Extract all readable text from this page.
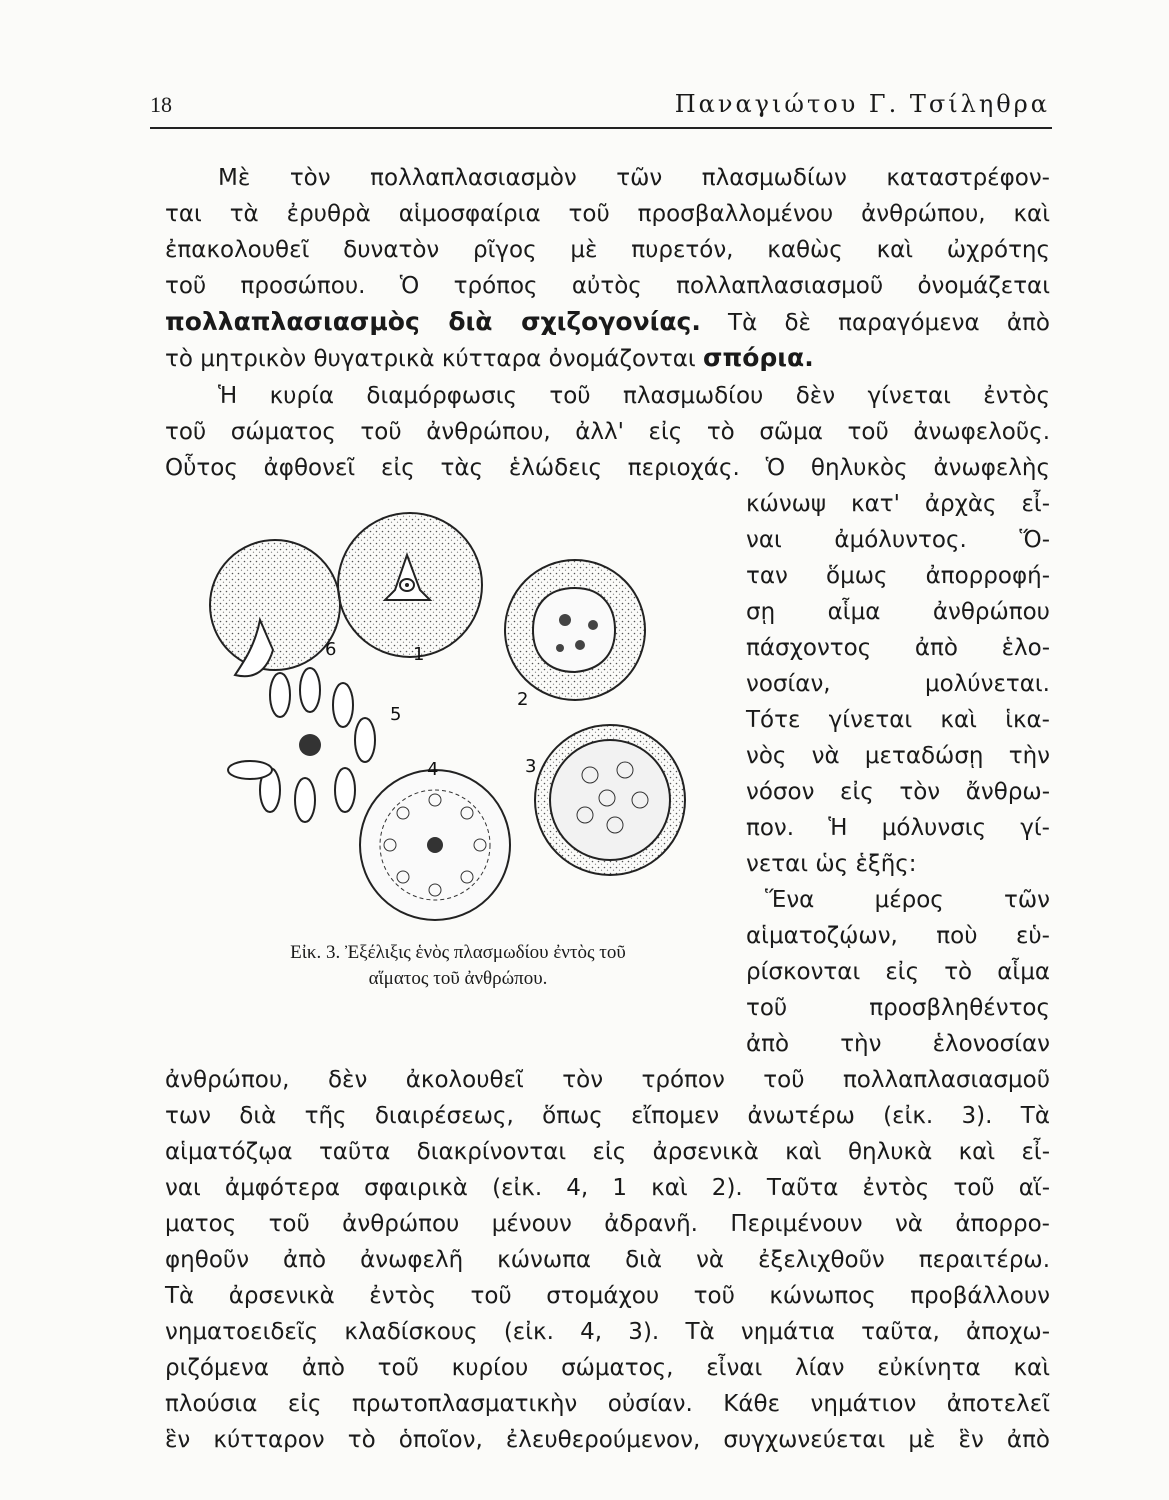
18	Παναγιώτου Γ. Τσίληθρα
Μὲ τὸν πολλαπλασιασμὸν τῶν πλασμωδίων καταστρέφον-
ται τὰ ἐρυθρὰ αἱμοσφαίρια τοῦ προσβαλλομένου ἀνθρώπου, καὶ
ἐπακολουθεῖ δυνατὸν ρῖγος μὲ πυρετόν, καθὼς καὶ ὠχρότης
τοῦ προσώπου. Ὁ τρόπος αὐτὸς πολλαπλασιασμοῦ ὀνομάζεται
πολλαπλασιασμὸς διὰ σχιζογονίας. Τὰ δὲ παραγόμενα ἀπὸ
τὸ μητρικὸν θυγατρικὰ κύτταρα ὀνομάζονται σπόρια.
Ἡ κυρία διαμόρφωσις τοῦ πλασμωδίου δὲν γίνεται ἐντὸς
τοῦ σώματος τοῦ ἀνθρώπου, ἀλλ' εἰς τὸ σῶμα τοῦ ἀνωφελοῦς.
Οὗτος ἀφθονεῖ εἰς τὰς ἑλώδεις περιοχάς. Ὁ θηλυκὸς ἀνωφελὴς
κώνωψ κατ' ἀρχὰς εἶ-
ναι ἀμόλυντος. Ὅ-
ταν ὅμως ἀπορροφή-
σῃ αἷμα ἀνθρώπου
πάσχοντος ἀπὸ ἑλο-
νοσίαν, μολύνεται.
Τότε γίνεται καὶ ἱκα-
νὸς νὰ μεταδώσῃ τὴν
νόσον εἰς τὸν ἄνθρω-
πον. Ἡ μόλυνσις γί-
νεται ὡς ἑξῆς:
Ἕνα μέρος τῶν
αἱματοζῴων, ποὺ εὑ-
ρίσκονται εἰς τὸ αἷμα
τοῦ προσβληθέντος
ἀπὸ τὴν ἑλονοσίαν
ἀνθρώπου, δὲν ἀκολουθεῖ τὸν τρόπον τοῦ πολλαπλασιασμοῦ
των διὰ τῆς διαιρέσεως, ὅπως εἴπομεν ἀνωτέρω (εἰκ. 3). Τὰ
αἱματόζῳα ταῦτα διακρίνονται εἰς ἀρσενικὰ καὶ θηλυκὰ καὶ εἶ-
ναι ἀμφότερα σφαιρικὰ (εἰκ. 4, 1 καὶ 2). Ταῦτα ἐντὸς τοῦ αἵ-
ματος τοῦ ἀνθρώπου μένουν ἀδρανῆ. Περιμένουν νὰ ἀπορρο-
φηθοῦν ἀπὸ ἀνωφελῆ κώνωπα διὰ νὰ ἐξελιχθοῦν περαιτέρω.
Τὰ ἀρσενικὰ ἐντὸς τοῦ στομάχου τοῦ κώνωπος προβάλλουν
νηματοειδεῖς κλαδίσκους (εἰκ. 4, 3). Τὰ νημάτια ταῦτα, ἀποχω-
ριζόμενα ἀπὸ τοῦ κυρίου σώματος, εἶναι λίαν εὐκίνητα καὶ
πλούσια εἰς πρωτοπλασματικὴν οὐσίαν. Κάθε νημάτιον ἀποτελεῖ
ἓν κύτταρον τὸ ὁποῖον, ἐλευθερούμενον, συγχωνεύεται μὲ ἓν ἀπὸ
1
2
3
4
5
6
Εἰκ. 3. Ἐξέλιξις ἑνὸς πλασμωδίου ἐντὸς τοῦ
αἵματος τοῦ ἀνθρώπου.
